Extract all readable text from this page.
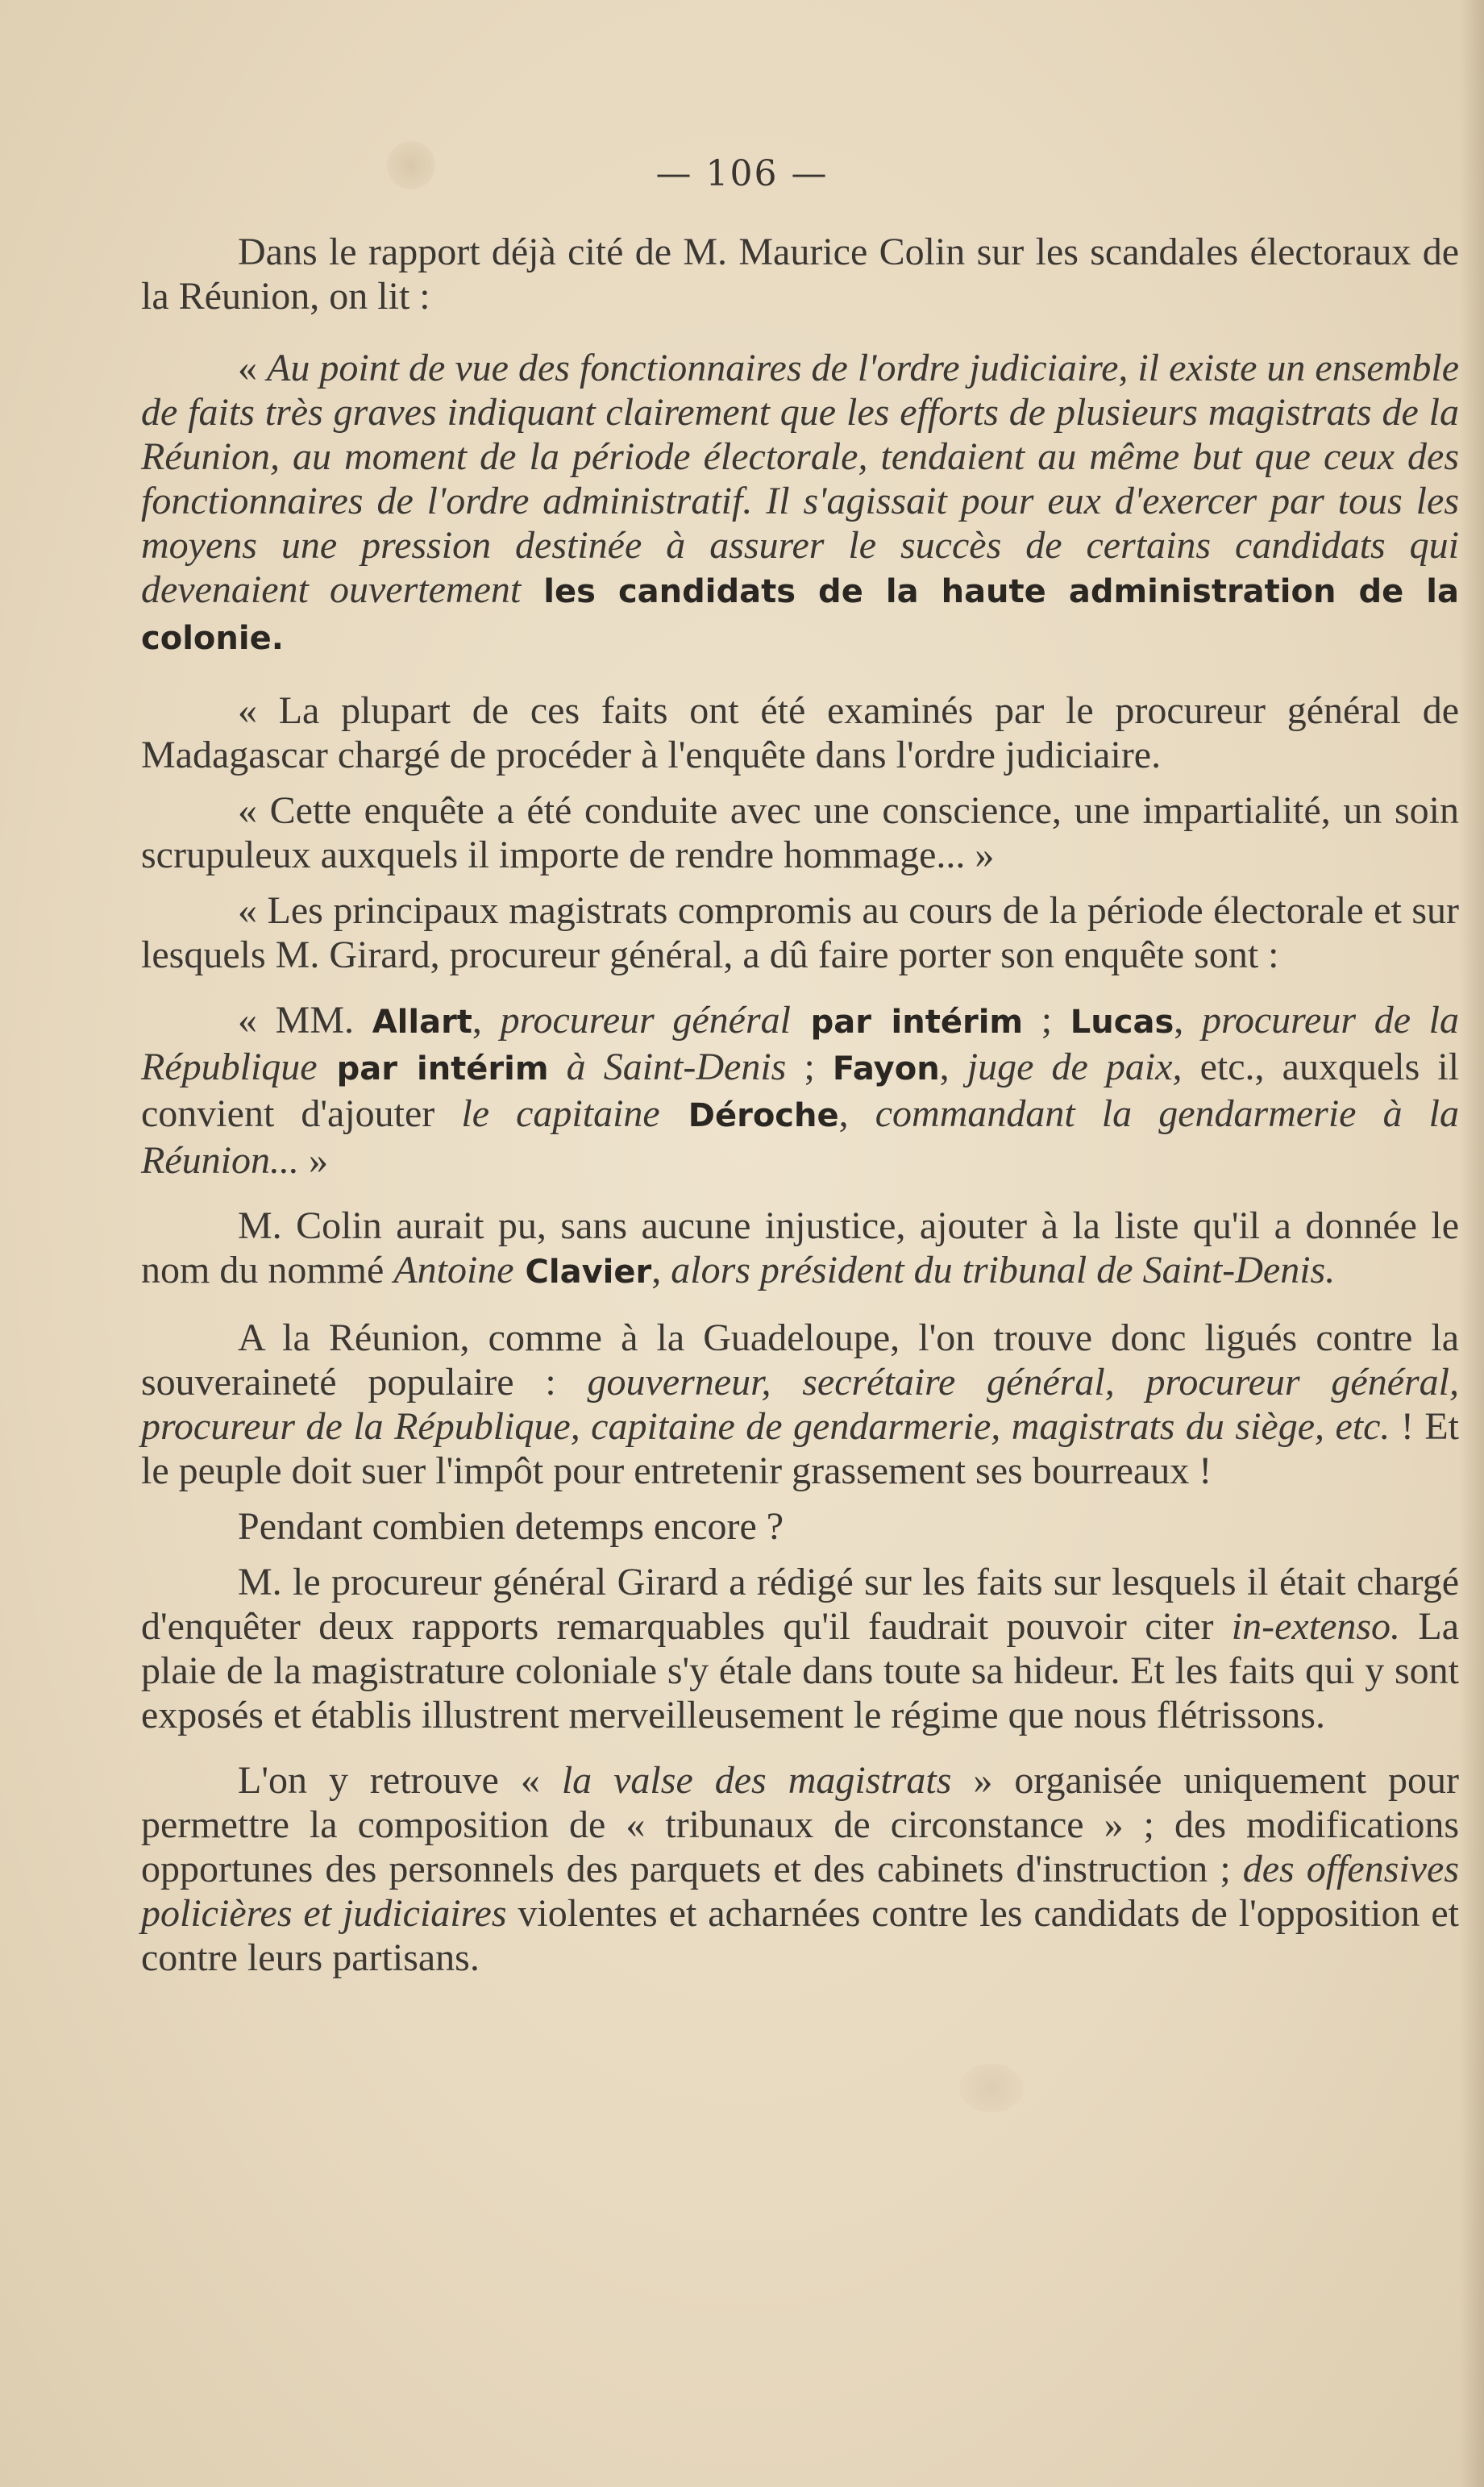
— 106 —

Dans le rapport déjà cité de M. Maurice Colin sur les scandales électoraux de la Réunion, on lit :

« Au point de vue des fonctionnaires de l'ordre judiciaire, il existe un ensemble de faits très graves indiquant clairement que les efforts de plusieurs magistrats de la Réunion, au moment de la période électorale, tendaient au même but que ceux des fonctionnaires de l'ordre administratif. Il s'agissait pour eux d'exercer par tous les moyens une pression destinée à assurer le succès de certains candidats qui devenaient ouvertement les candidats de la haute administration de la colonie.

« La plupart de ces faits ont été examinés par le procureur général de Madagascar chargé de procéder à l'enquête dans l'ordre judiciaire.

« Cette enquête a été conduite avec une conscience, une impartialité, un soin scrupuleux auxquels il importe de rendre hommage... »

« Les principaux magistrats compromis au cours de la période électorale et sur lesquels M. Girard, procureur général, a dû faire porter son enquête sont :

« MM. Allart, procureur général par intérim ; Lucas, procureur de la République par intérim à Saint-Denis ; Fayon, juge de paix, etc., auxquels il convient d'ajouter le capitaine Déroche, commandant la gendarmerie à la Réunion... »

M. Colin aurait pu, sans aucune injustice, ajouter à la liste qu'il a donnée le nom du nommé Antoine Clavier, alors président du tribunal de Saint-Denis.

A la Réunion, comme à la Guadeloupe, l'on trouve donc ligués contre la souveraineté populaire : gouverneur, secrétaire général, procureur général, procureur de la République, capitaine de gendarmerie, magistrats du siège, etc. ! Et le peuple doit suer l'impôt pour entretenir grassement ses bourreaux !

Pendant combien detemps encore ?

M. le procureur général Girard a rédigé sur les faits sur lesquels il était chargé d'enquêter deux rapports remarquables qu'il faudrait pouvoir citer in-extenso. La plaie de la magistrature coloniale s'y étale dans toute sa hideur. Et les faits qui y sont exposés et établis illustrent merveilleusement le régime que nous flétrissons.

L'on y retrouve « la valse des magistrats » organisée uniquement pour permettre la composition de « tribunaux de circonstance » ; des modifications opportunes des personnels des parquets et des cabinets d'instruction ; des offensives policières et judiciaires violentes et acharnées contre les candidats de l'opposition et contre leurs partisans.
